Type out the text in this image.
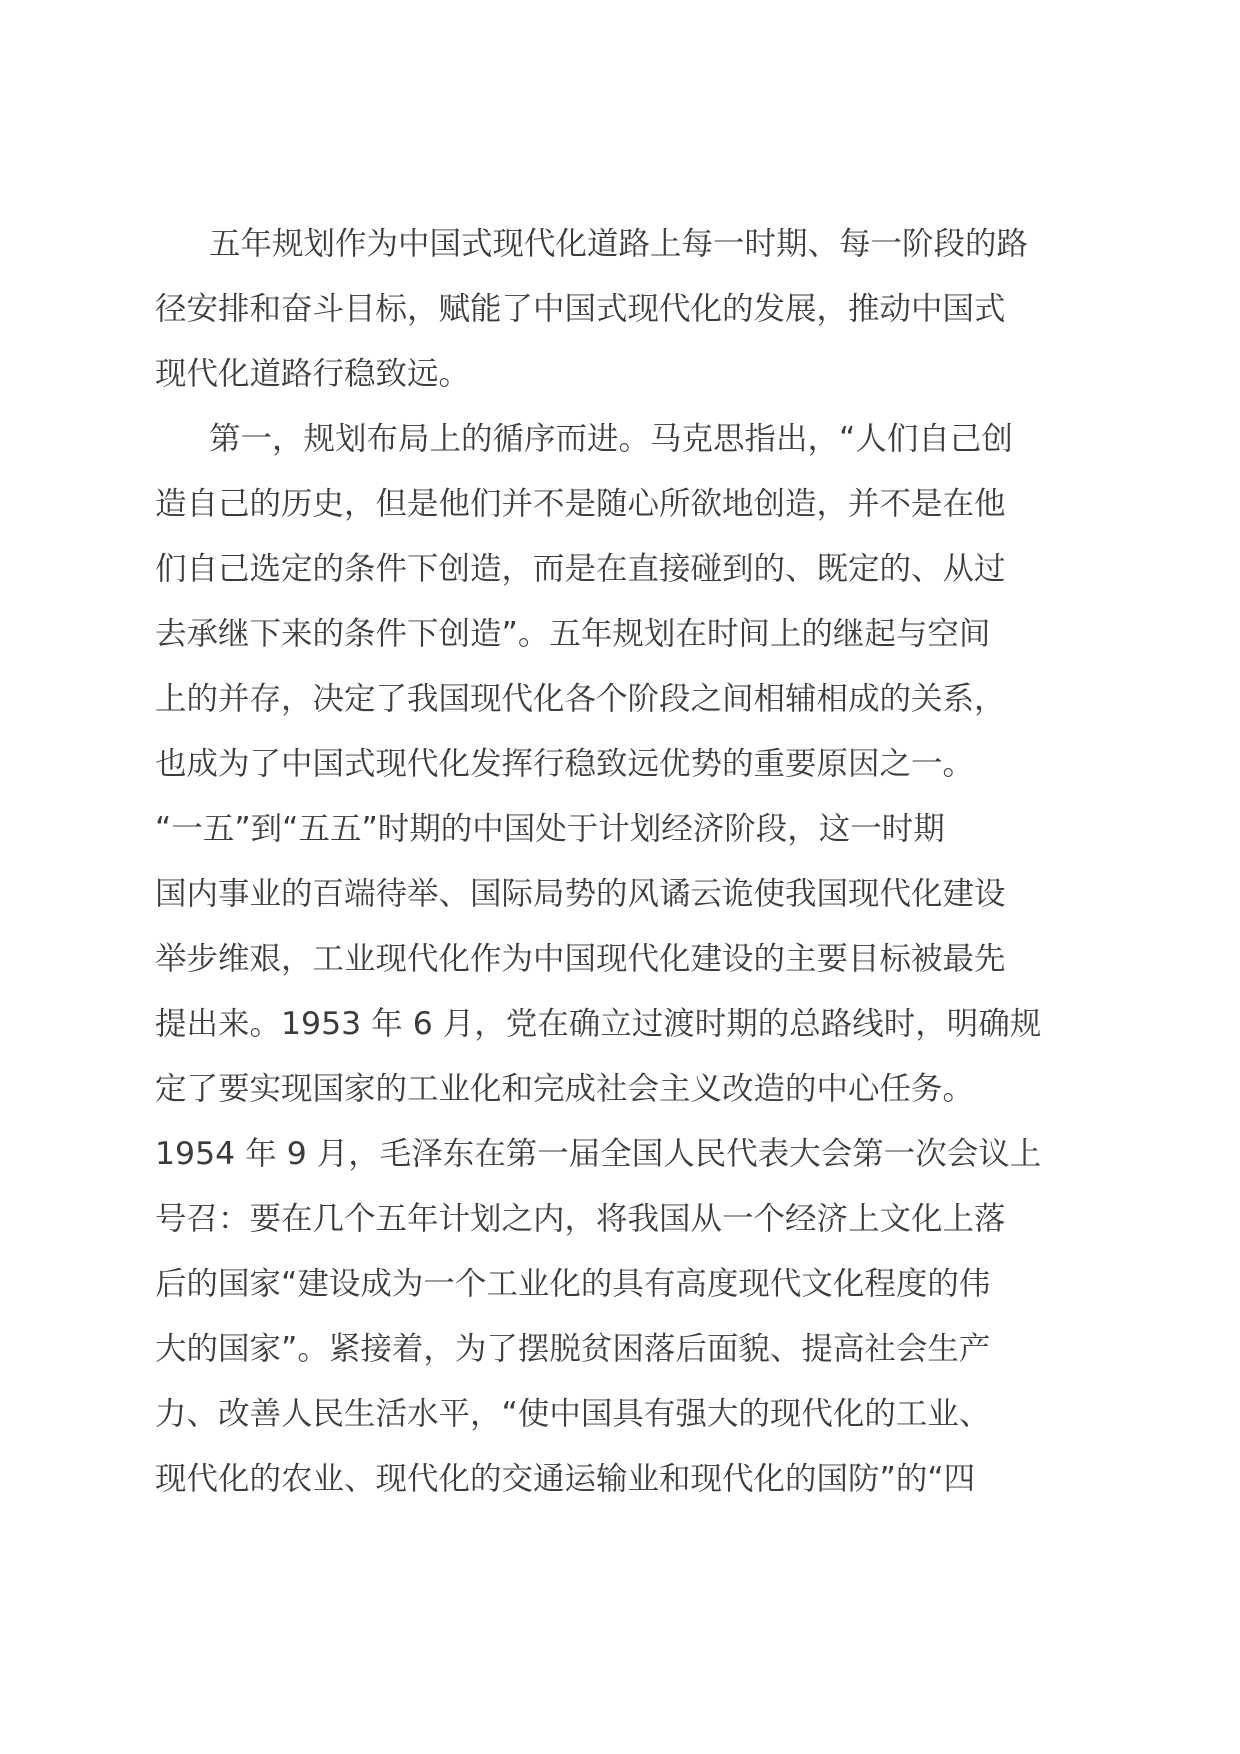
五年规划作为中国式现代化道路上每一时期、每一阶段的路
径安排和奋斗目标，赋能了中国式现代化的发展，推动中国式
现代化道路行稳致远。
第一，规划布局上的循序而进。马克思指出，“人们自己创
造自己的历史，但是他们并不是随心所欲地创造，并不是在他
们自己选定的条件下创造，而是在直接碰到的、既定的、从过
去承继下来的条件下创造”。五年规划在时间上的继起与空间
上的并存，决定了我国现代化各个阶段之间相辅相成的关系，
也成为了中国式现代化发挥行稳致远优势的重要原因之一。
“一五”到“五五”时期的中国处于计划经济阶段，这一时期
国内事业的百端待举、国际局势的风谲云诡使我国现代化建设
举步维艰，工业现代化作为中国现代化建设的主要目标被最先
提出来。1953 年 6 月，党在确立过渡时期的总路线时，明确规
定了要实现国家的工业化和完成社会主义改造的中心任务。
1954 年 9 月，毛泽东在第一届全国人民代表大会第一次会议上
号召：要在几个五年计划之内，将我国从一个经济上文化上落
后的国家“建设成为一个工业化的具有高度现代文化程度的伟
大的国家”。紧接着，为了摆脱贫困落后面貌、提高社会生产
力、改善人民生活水平，“使中国具有强大的现代化的工业、
现代化的农业、现代化的交通运输业和现代化的国防”的“四
